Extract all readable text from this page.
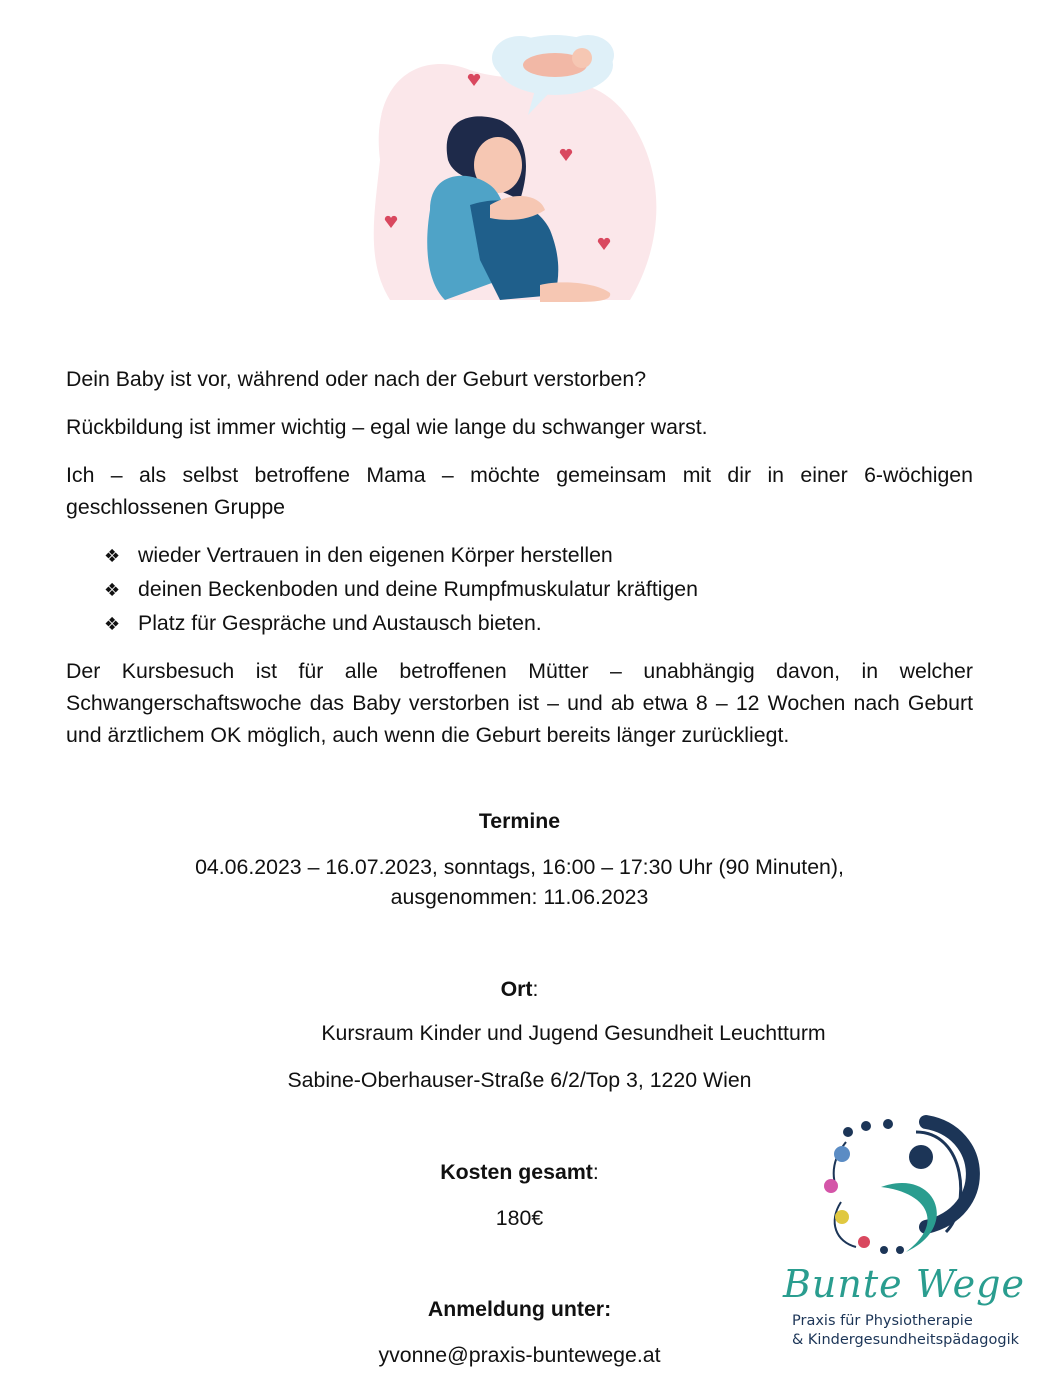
Dein Baby ist vor, während oder nach der Geburt verstorben?

Rückbildung ist immer wichtig – egal wie lange du schwanger warst.

Ich – als selbst betroffene Mama – möchte gemeinsam mit dir in einer 6-wöchigen geschlossenen Gruppe

❖ wieder Vertrauen in den eigenen Körper herstellen
❖ deinen Beckenboden und deine Rumpfmuskulatur kräftigen
❖ Platz für Gespräche und Austausch bieten.

Der Kursbesuch ist für alle betroffenen Mütter – unabhängig davon, in welcher Schwangerschaftswoche das Baby verstorben ist – und ab etwa 8 – 12 Wochen nach Geburt und ärztlichem OK möglich, auch wenn die Geburt bereits länger zurückliegt.

Termine
04.06.2023 – 16.07.2023, sonntags, 16:00 – 17:30 Uhr (90 Minuten),
ausgenommen: 11.06.2023
Ort:
Kursraum Kinder und Jugend Gesundheit Leuchtturm
Sabine-Oberhauser-Straße 6/2/Top 3, 1220 Wien
Kosten gesamt:
180€
Anmeldung unter:
yvonne@praxis-buntewege.at
Bunte Wege
Praxis für Physiotherapie
& Kindergesundheitspädagogik
